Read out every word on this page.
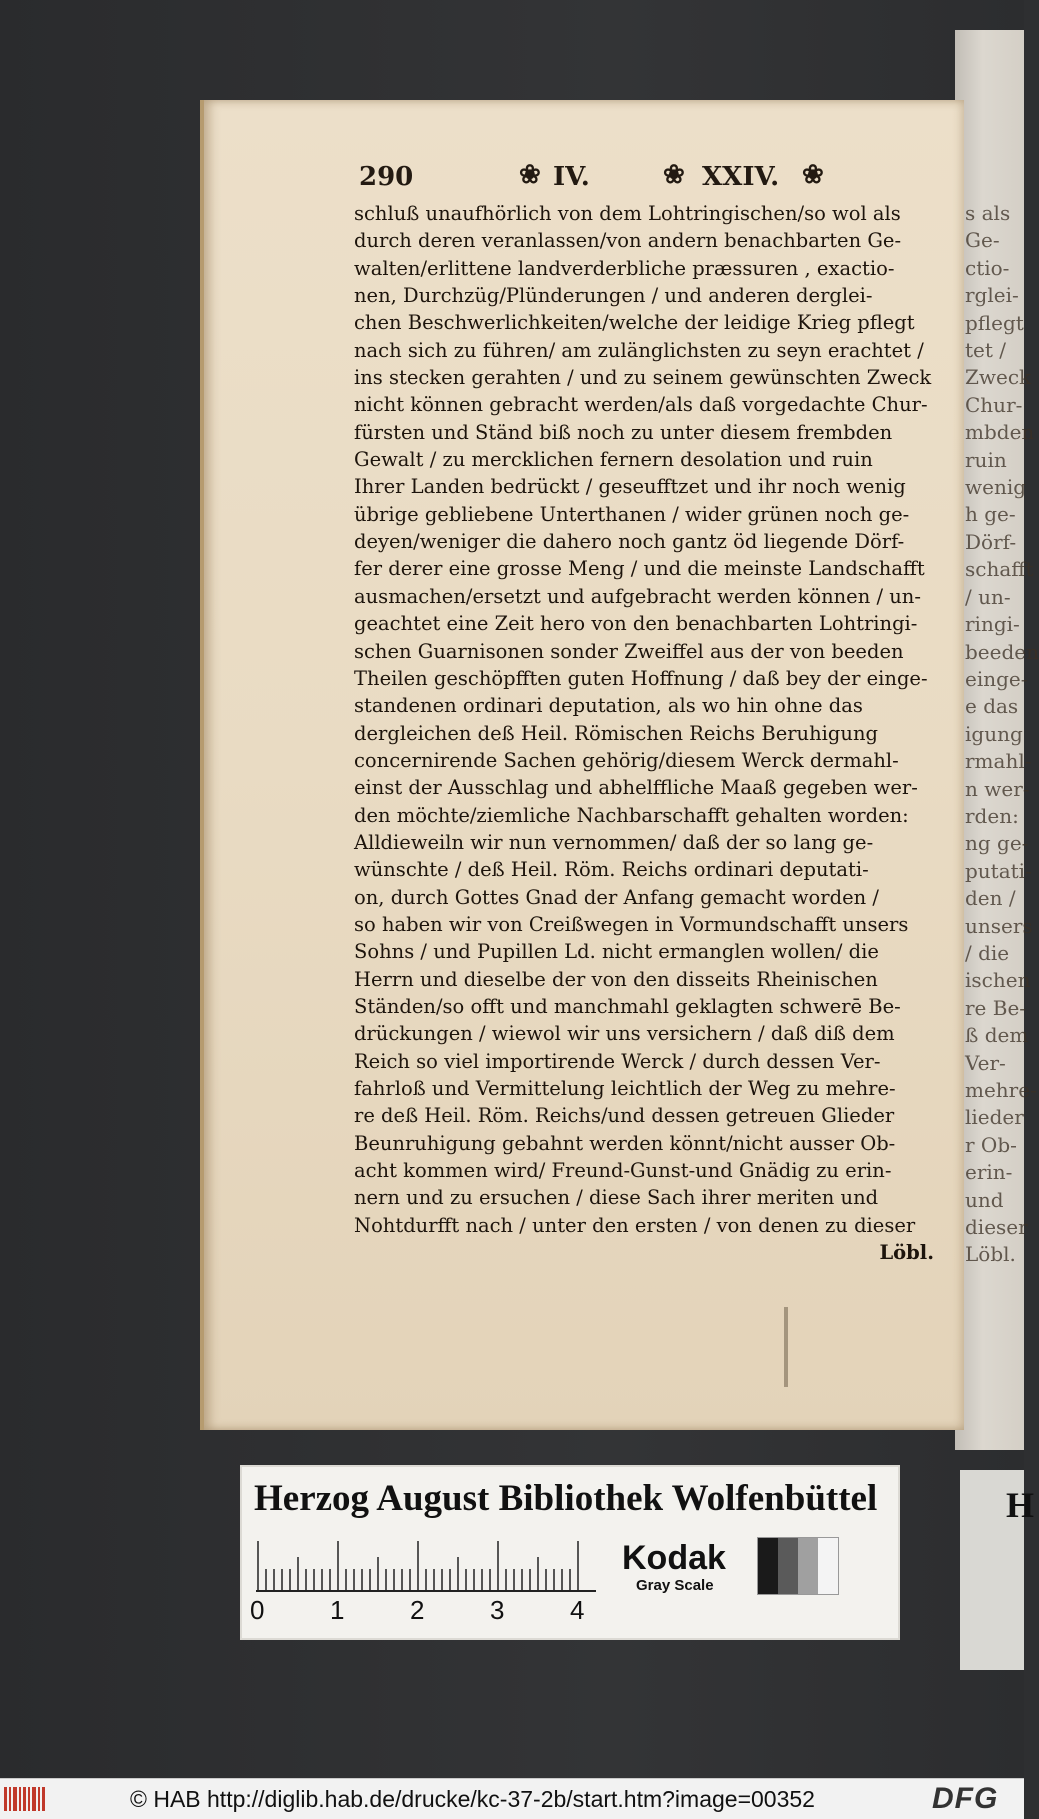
s als
Ge-
ctio-
rglei-
pflegt
tet /
Zweck
Chur-
mbden
ruin
wenig
h ge-
Dörf-
schafft
/ un-
ringi-
beeden
einge-
e das
igung
rmahl-
n wer-
rden:
ng ge-
putati-
den /
unsers
/ die
ischen
re Be-
ß dem
Ver-
mehre-
lieder
r Ob-
erin-
und
dieser
Löbl.
290	❀ IV.	❀ XXIV. ❀
schluß unaufhörlich von dem Lohtringischen/so wol als
durch deren veranlassen/von andern benachbarten Ge-
walten/erlittene landverderbliche præssuren , exactio-
nen, Durchzüg/Plünderungen / und anderen derglei-
chen Beschwerlichkeiten/welche der leidige Krieg pflegt
nach sich zu führen/ am zulänglichsten zu seyn erachtet /
ins stecken gerahten / und zu seinem gewünschten Zweck
nicht können gebracht werden/als daß vorgedachte Chur-
fürsten und Ständ biß noch zu unter diesem frembden
Gewalt / zu mercklichen fernern desolation und ruin
Ihrer Landen bedrückt / geseufftzet und ihr noch wenig
übrige gebliebene Unterthanen / wider grünen noch ge-
deyen/weniger die dahero noch gantz öd liegende Dörf-
fer derer eine grosse Meng / und die meinste Landschafft
ausmachen/ersetzt und aufgebracht werden können / un-
geachtet eine Zeit hero von den benachbarten Lohtringi-
schen Guarnisonen sonder Zweiffel aus der von beeden
Theilen geschöpfften guten Hoffnung / daß bey der einge-
standenen ordinari deputation, als wo hin ohne das
dergleichen deß Heil. Römischen Reichs Beruhigung
concernirende Sachen gehörig/diesem Werck dermahl-
einst der Ausschlag und abhelffliche Maaß gegeben wer-
den möchte/ziemliche Nachbarschafft gehalten worden:
Alldieweiln wir nun vernommen/ daß der so lang ge-
wünschte / deß Heil. Röm. Reichs ordinari deputati-
on, durch Gottes Gnad der Anfang gemacht worden /
so haben wir von Creißwegen in Vormundschafft unsers
Sohns / und Pupillen Ld. nicht ermanglen wollen/ die
Herrn und dieselbe der von den disseits Rheinischen
Ständen/so offt und manchmahl geklagten schwerē Be-
drückungen / wiewol wir uns versichern / daß diß dem
Reich so viel importirende Werck / durch dessen Ver-
fahrloß und Vermittelung leichtlich der Weg zu mehre-
re deß Heil. Röm. Reichs/und dessen getreuen Glieder
Beunruhigung gebahnt werden könnt/nicht ausser Ob-
acht kommen wird/ Freund-Gunst-und Gnädig zu erin-
nern und zu ersuchen / diese Sach ihrer meriten und
Nohtdurfft nach / unter den ersten / von denen zu dieser
Löbl.
Herzog August Bibliothek Wolfenbüttel
0	1	2	3	4
Kodak
Gray Scale
H
© HAB http://diglib.hab.de/drucke/kc-37-2b/start.htm?image=00352	DFG
